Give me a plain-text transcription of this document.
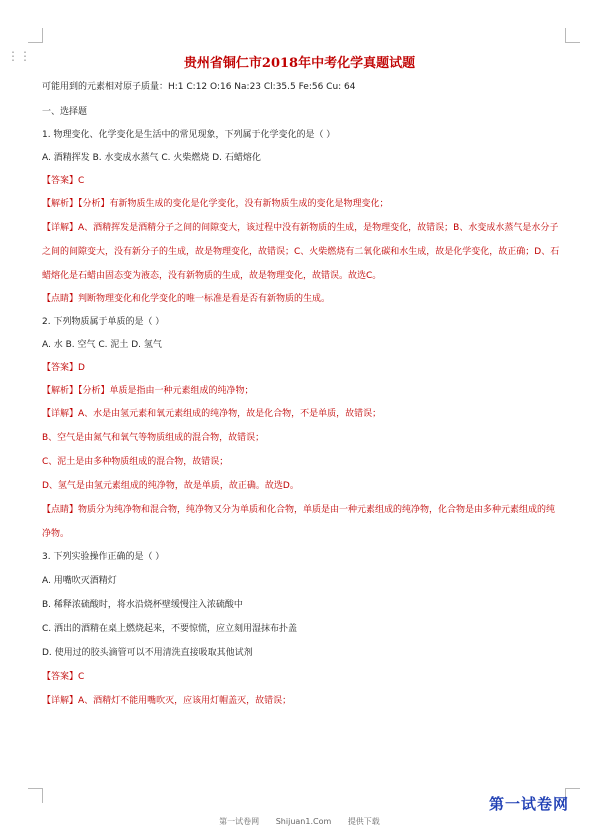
⋮⋮	贵州省铜仁市2018年中考化学真题试题

可能用到的元素相对原子质量：H:1 C:12 O:16 Na:23 Cl:35.5 Fe:56 Cu: 64

一、选择题

1. 物理变化、化学变化是生活中的常见现象，下列属于化学变化的是（ ）

A. 酒精挥发 B. 水变成水蒸气 C. 火柴燃烧 D. 石蜡熔化

【答案】C

【解析】【分析】有新物质生成的变化是化学变化，没有新物质生成的变化是物理变化；

【详解】A、酒精挥发是酒精分子之间的间隙变大，该过程中没有新物质的生成，是物理变化，故错误；B、水变成水蒸气是水分子之间的间隙变大，没有新分子的生成，故是物理变化，故错误；C、火柴燃烧有二氧化碳和水生成，故是化学变化，故正确；D、石蜡熔化是石蜡由固态变为液态，没有新物质的生成，故是物理变化，故错误。故选C。

【点睛】判断物理变化和化学变化的唯一标准是看是否有新物质的生成。

2. 下列物质属于单质的是（ ）

A. 水 B. 空气 C. 泥土 D. 氢气

【答案】D

【解析】【分析】单质是指由一种元素组成的纯净物；

【详解】A、水是由氢元素和氧元素组成的纯净物，故是化合物，不是单质，故错误；

B、空气是由氮气和氧气等物质组成的混合物，故错误；

C、泥土是由多种物质组成的混合物，故错误；

D、氢气是由氢元素组成的纯净物，故是单质，故正确。故选D。

【点睛】物质分为纯净物和混合物，纯净物又分为单质和化合物，单质是由一种元素组成的纯净物，化合物是由多种元素组成的纯净物。

3. 下列实验操作正确的是（ ）

A. 用嘴吹灭酒精灯

B. 稀释浓硫酸时，将水沿烧杯壁缓慢注入浓硫酸中

C. 洒出的酒精在桌上燃烧起来，不要惊慌，应立刻用湿抹布扑盖

D. 使用过的胶头滴管可以不用清洗直接吸取其他试剂

【答案】C

【详解】A、酒精灯不能用嘴吹灭，应该用灯帽盖灭，故错误；

第一试卷网
第一试卷网 Shijuan1.Com 提供下载
